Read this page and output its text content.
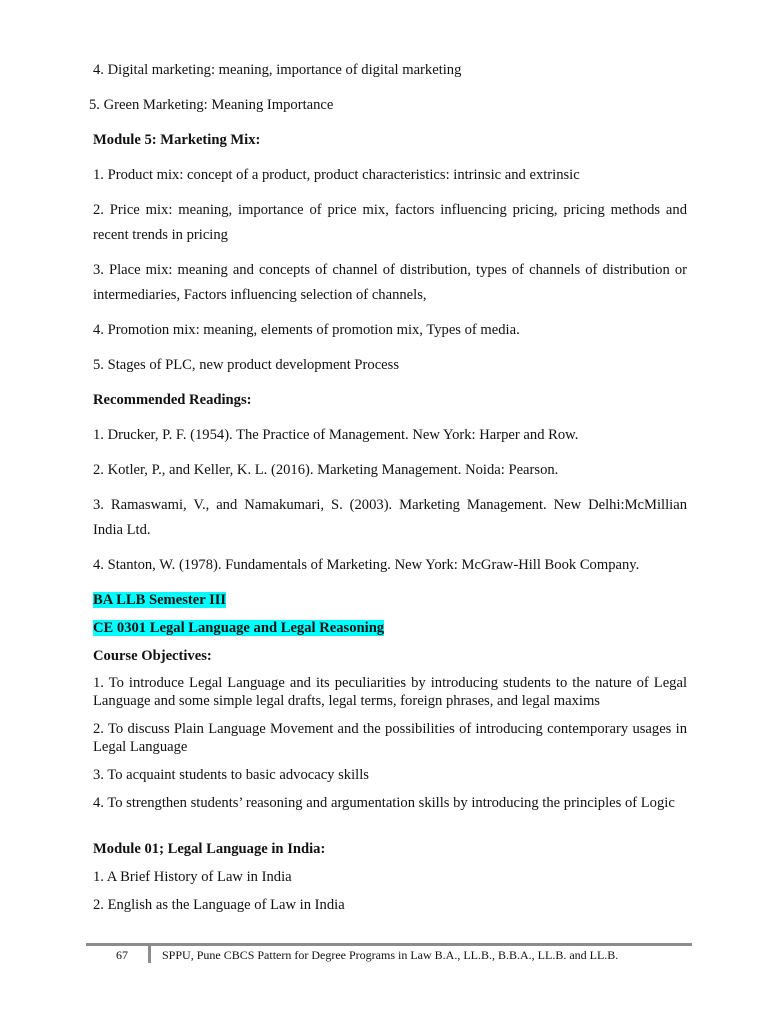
4. Digital marketing: meaning, importance of digital marketing
5. Green Marketing: Meaning Importance
Module 5: Marketing Mix:
1. Product mix: concept of a product, product characteristics: intrinsic and extrinsic
2. Price mix: meaning, importance of price mix, factors influencing pricing, pricing methods and recent trends in pricing
3. Place mix: meaning and concepts of channel of distribution, types of channels of distribution or intermediaries, Factors influencing selection of channels,
4. Promotion mix: meaning, elements of promotion mix, Types of media.
5. Stages of PLC, new product development Process
Recommended Readings:
1. Drucker, P. F. (1954). The Practice of Management. New York: Harper and Row.
2. Kotler, P., and Keller, K. L. (2016). Marketing Management. Noida: Pearson.
3. Ramaswami, V., and Namakumari, S. (2003). Marketing Management. New Delhi:McMillian India Ltd.
4. Stanton, W. (1978). Fundamentals of Marketing. New York: McGraw-Hill Book Company.
BA LLB Semester III
CE 0301 Legal Language and Legal Reasoning
Course Objectives:
1. To introduce Legal Language and its peculiarities by introducing students to the nature of Legal Language and some simple legal drafts, legal terms, foreign phrases, and legal maxims
2. To discuss Plain Language Movement and the possibilities of introducing contemporary usages in Legal Language
3. To acquaint students to basic advocacy skills
4. To strengthen students’ reasoning and argumentation skills by introducing the principles of Logic
Module 01; Legal Language in India:
1. A Brief History of Law in India
2. English as the Language of Law in India
67	SPPU, Pune CBCS Pattern for Degree Programs in Law B.A., LL.B., B.B.A., LL.B. and LL.B.
